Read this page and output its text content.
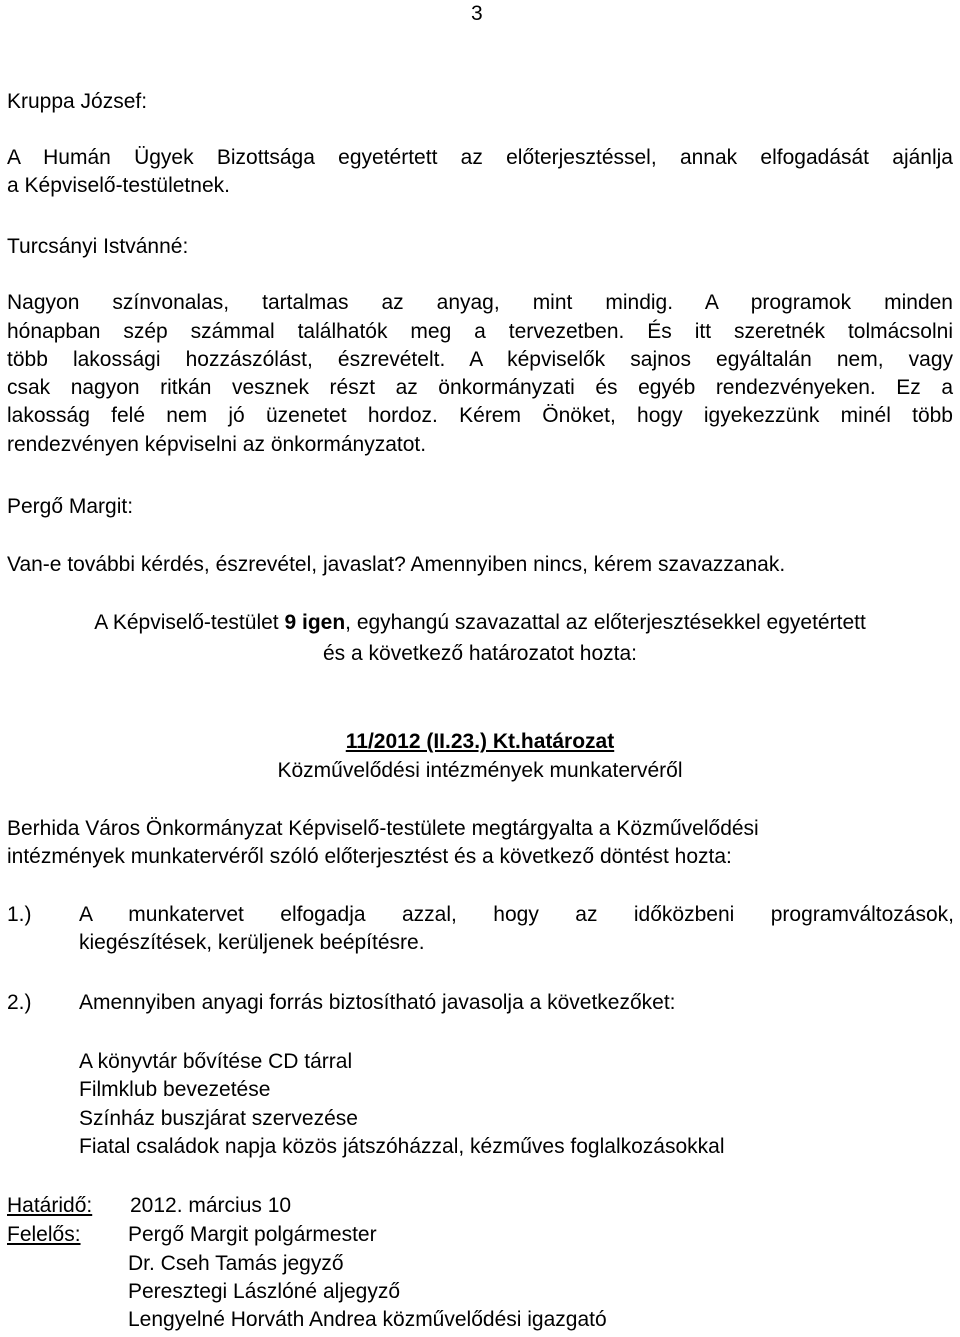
3
Kruppa József:
A Humán Ügyek Bizottsága egyetértett az előterjesztéssel, annak elfogadását ajánlja
a Képviselő-testületnek.
Turcsányi Istvánné:
Nagyon színvonalas, tartalmas az anyag, mint mindig. A programok minden
hónapban szép számmal találhatók meg a tervezetben. És itt szeretnék tolmácsolni
több lakossági hozzászólást, észrevételt. A képviselők sajnos egyáltalán nem, vagy
csak nagyon ritkán vesznek részt az önkormányzati és egyéb rendezvényeken. Ez a
lakosság felé nem jó üzenetet hordoz. Kérem Önöket, hogy igyekezzünk minél több
rendezvényen képviselni az önkormányzatot.
Pergő Margit:
Van-e további kérdés, észrevétel, javaslat? Amennyiben nincs, kérem szavazzanak.
A Képviselő-testület 9 igen, egyhangú szavazattal az előterjesztésekkel egyetértett
és a következő határozatot hozta:
11/2012 (II.23.) Kt.határozat
Közművelődési intézmények munkatervéről
Berhida Város Önkormányzat Képviselő-testülete megtárgyalta a Közművelődési
intézmények munkatervéről szóló előterjesztést és a következő döntést hozta:
1.) A munkatervet elfogadja azzal, hogy az időközbeni programváltozások,
kiegészítések, kerüljenek beépítésre.
2.) Amennyiben anyagi forrás biztosítható javasolja a következőket:
A könyvtár bővítése CD tárral
Filmklub bevezetése
Színház buszjárat szervezése
Fiatal családok napja közös játszóházzal, kézműves foglalkozásokkal
Határidő:	2012. március 10
Felelős: Pergő Margit polgármester
Dr. Cseh Tamás jegyző
Peresztegi Lászlóné aljegyző
Lengyelné Horváth Andrea közművelődési igazgató
